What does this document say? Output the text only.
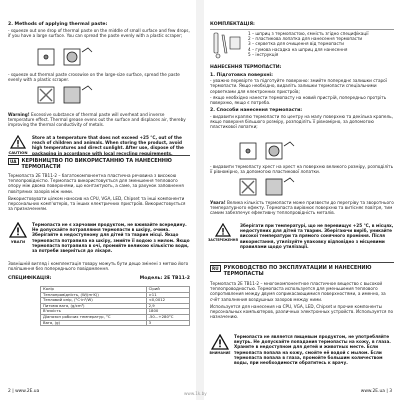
2. Methods of applying thermal paste:

- squeeze out one drop of thermal paste on the middle of small surface and few drops, if you have a large surface. You can spread the paste evenly with a plastic scraper;

- squeeze out thermal paste crosswise on the large-size surface, spread the paste evenly with a plastic scraper.

Warning! Excessive substance of thermal paste will overheat and inverse temperature effect. Thermal grease evens out the surface and displaces air, thereby improving the thermal conductivity of metals.

CAUTION

Store at a temperature that does not exceed +25 °C, out of the reach of children and animals. When storing the product, avoid high temperatures and direct sunlight. After use, dispose of the packaging in accordance with local recycling requirements.

UA	КЕРІВНИЦТВО ПО ВИКОРИСТАННЮ ТА НАНЕСЕННЮ ТЕРМОПАСТИ

Термопаста 2Е ТВ11-2 – багатокомпонентна пластична речовина з високою теплопровідністю. Термопаста використовується для зменшення теплового опору між двома поверхнями, що контактують, а саме, за рахунок заповнення повітряних зазорів між ними.

Використовувати цілком наносив на CPU, VGA, LED, Chipset та інші компоненти персональних комп'ютерів, та інших електричних пристроїв. Використовується за призначенням.

УВАГИ

Термопаста не є харчовим продуктом, не вживайте всередину. Не допускайте потрапляння термопасти в шкіру, очима. Зберігайте в недоступному для дітей та тварин місці. Якщо термопаста потрапила на шкіру, змийте її водою з милом. Якщо термопаста потрапила в очі, промийте великою кількістю води, за потреби зверніться до лікаря.

Зовнішній вигляд і комплектація товару можуть бути дещо змінені з метою його поліпшення без попереднього повідомлення.

СПЕЦИФІКАЦІЯ:	Модель: 2Е ТВ11-2

Колір	Сірий
Теплопровідність, (W/(m·K))	>11
Тепловий опір, (°С·in²/W)	<0,0012
Питома вага, (g/cm³)	2,9
В'язкість	1800
Діапазон робочих температур, °С	-50...+280°С
Вага, (g)	3
2 | www.2E.ua

КОМПЛЕКТАЦІЯ:

1 – шприц з термопастою, ємність згідно специфікації
2 – пластикова лопатка для нанесення термопасти
3 – серветка для очищення від термопасти
4 – гумова насадка на шприц для нанесення
5 – інструкція

НАНЕСЕННЯ ТЕРМОПАСТИ:

1. Підготовка поверхні:

- уважно перевірте та підготуйте поверхню: змийте попереднє залишки старої термопасти. Якщо необхідно, видаліть залишки термопасти спеціальними серветками для електронних пристроїв;

- якщо необхідно нанести термопасту на новий пристрій, попередньо протріть поверхню, якщо є потреба.

2. Способи нанесення термопасти:

- видавити краплю термопасти по центру на малу поверхню та декілька крапель, якщо поверхня більшого розміру, розподіліть її рівномірно, за допомогою пластикової лопатки;

- видавити термопасту хрест на хрест на поверхню великого розміру, розподіліть її рівномірно, за допомогою пластикової лопатки.

Увага! Велика кількість термопасти може призвести до перегріву та зворотнього температурного ефекту. Термопаста вирівнює поверхню та витісняє повітря, тим самим забезпечує ефективну теплопровідність металів.

ЗАСТЕРЕЖЕННЯ

Зберігати при температурі, що не перевищує +25 °С, в місцях, недоступних для дітей та тварин. Зберігаючи виріб, уникайте високої температури та прямого сонячного проміння. Після використання, утилізуйте упаковку відповідно з місцевими правилами щодо утилізації.

RU	РУКОВОДСТВО ПО ЭКСПЛУАТАЦИИ И НАНЕСЕНИЮ ТЕРМОПАСТЫ

Термопаста 2E ТВ11-2 – многокомпонентное пластичное вещество с высокой теплопроводностью. Термопаста используется для уменьшения теплового сопротивления между двумя соприкасающимися поверхностями, а именно, за счёт заполнения воздушных зазоров между ними.

Используется для нанесения на CPU, VGA, LED, Chipset и прочие компоненты персональных компьютеров, различных электронных устройств. Используется по назначению.

ВНИМАНИЕ

Термопаста не является пищевым продуктом, не употребляйте внутрь. Не допускайте попадания термопасты на кожу, в глаза. Храните в недоступном для детей и животных месте. Если термопаста попала на кожу, смойте её водой с мылом. Если термопаста попала в глаза, промойте большим количеством воды, при необходимости обратитесь к врачу.

www.2E.ua | 3
www.1k.by
